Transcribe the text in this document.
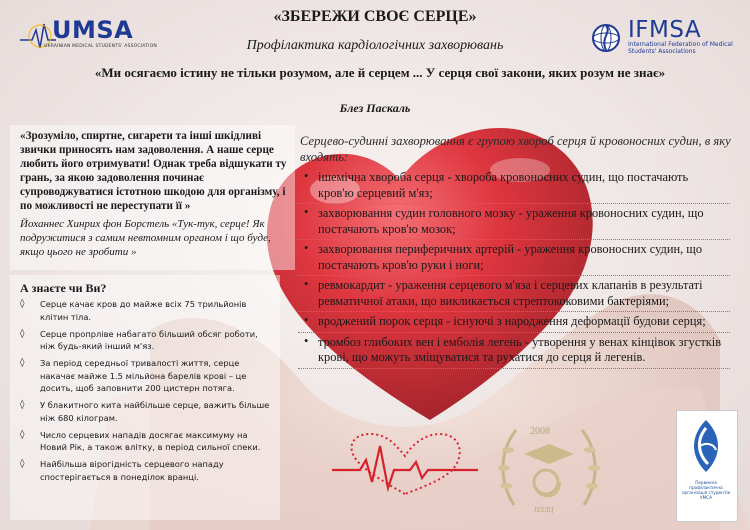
UMSA
UKRAINIAN MEDICAL STUDENTS' ASSOCIATION
IFMSA
International Federation of Medical Students' Associations
«ЗБЕРЕЖИ СВОЄ СЕРЦЕ»
Профілактика кардіологічних захворювань
«Ми осягаємо істину не тільки розумом, але й серцем ... У серця свої закони, яких розум не знає»
Блез Паскаль
«Зрозуміло, спиртне, сигарети та інші шкідливі звички приносять нам задоволення. А наше серце любить його отримувати! Однак треба відшукати ту грань, за якою задоволення починає супроводжуватися істотною шкодою для організму, і по можливості не переступати її »
Йоханнес Хинрих фон Борстель «Тук-тук, серце! Як подружитися з самим невтомним органом і що буде, якщо цього не зробити »
А знаєте чи Ви?
◊ Серце качає кров до майже всіх 75 трильйонів клітин тіла.
◊ Серце пропрліве набагато більший обсяг роботи, ніж будь-який інший м'яз.
◊ За період середньої тривалості життя, серце накачає майже 1.5 мільйона барелів крові – це досить, щоб заповнити 200 цистерн потяга.
◊ У блакитного кита найбільше серце, важить більше ніж 680 кілограм.
◊ Число серцевих нападів досягає максимуму на Новий Рік, а також влітку, в період сильної спеки.
◊ Найбільша вірогідність серцевого нападу спостерігається в понеділок вранці.
Серцево-судинні захворювання є групою хвороб серця й кровоносних судин, в яку входять:
• ішемічна хвороба серця - хвороба кровоносних судин, що постачають кров'ю серцевий м'яз;
• захворювання судин головного мозку - ураження кровоносних судин, що постачають кров'ю мозок;
• захворювання периферичних артерій - ураження кровоносних судин, що постачають кров'ю руки і ноги;
• ревмокардит - ураження серцевого м'яза і серцевих клапанів в результаті ревматичної атаки, що викликається стрептококовими бактеріями;
• вроджений порок серця - існуючі з народження деформації будови серця;
• тромбоз глибоких вен і емболія легень - утворення у венах кінцівок згустків крові, що можуть зміщуватися та рухатися до серця й легенів.
2008
ПЛЛЦ
Первинна профілактична організація студентів УМСА
